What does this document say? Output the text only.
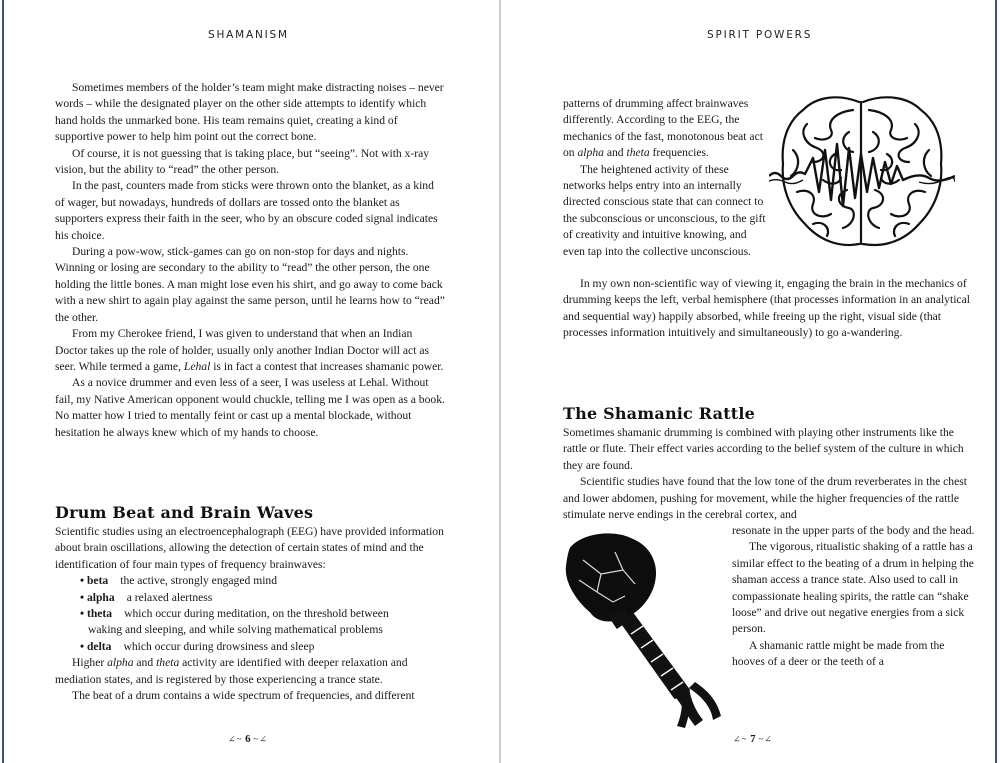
SHAMANISM

Sometimes members of the holder’s team might make distracting noises – never words – while the designated player on the other side attempts to identify which hand holds the unmarked bone. His team remains quiet, creating a kind of supportive power to help him point out the correct bone.

Of course, it is not guessing that is taking place, but “seeing”. Not with x-ray vision, but the ability to “read” the other person.

In the past, counters made from sticks were thrown onto the blanket, as a kind of wager, but nowadays, hundreds of dollars are tossed onto the blanket as supporters express their faith in the seer, who by an obscure coded signal indicates his choice.

During a pow-wow, stick-games can go on non-stop for days and nights. Winning or losing are secondary to the ability to “read” the other person, the one holding the little bones. A man might lose even his shirt, and go away to come back with a new shirt to again play against the same person, until he learns how to “read” the other.

From my Cherokee friend, I was given to understand that when an Indian Doctor takes up the role of holder, usually only another Indian Doctor will act as seer. While termed a game, Lehal is in fact a contest that increases shamanic power.

As a novice drummer and even less of a seer, I was useless at Lehal. Without fail, my Native American opponent would chuckle, telling me I was open as a book. No matter how I tried to mentally feint or cast up a mental blockade, without hesitation he always knew which of my hands to choose.

Drum Beat and Brain Waves

Scientific studies using an electroencephalograph (EEG) have provided information about brain oscillations, allowing the detection of certain states of mind and the identification of four main types of frequency brainwaves:

• beta the active, strongly engaged mind
• alpha a relaxed alertness
• theta which occur during meditation, on the threshold between
waking and sleeping, and while solving mathematical problems
• delta which occur during drowsiness and sleep

Higher alpha and theta activity are identified with deeper relaxation and mediation states, and is registered by those experiencing a trance state.

The beat of a drum contains a wide spectrum of frequencies, and different

∠~ 6 ~∠
SPIRIT POWERS

patterns of drumming affect brainwaves differently. According to the EEG, the mechanics of the fast, monotonous beat act on alpha and theta frequencies.

The heightened activity of these networks helps entry into an internally directed conscious state that can connect to the subconscious or unconscious, to the gift of creativity and intuitive knowing, and even tap into the collective unconscious.

In my own non-scientific way of viewing it, engaging the brain in the mechanics of drumming keeps the left, verbal hemisphere (that processes information in an analytical and sequential way) happily absorbed, while freeing up the right, visual side (that processes information intuitively and simultaneously) to go a-wandering.

The Shamanic Rattle

Sometimes shamanic drumming is combined with playing other instruments like the rattle or flute. Their effect varies according to the belief system of the culture in which they are found.

Scientific studies have found that the low tone of the drum reverberates in the chest and lower abdomen, pushing for movement, while the higher frequencies of the rattle stimulate nerve endings in the cerebral cortex, and

resonate in the upper parts of the body and the head.

The vigorous, ritualistic shaking of a rattle has a similar effect to the beating of a drum in helping the shaman access a trance state. Also used to call in compassionate healing spirits, the rattle can “shake loose” and drive out negative energies from a sick person.

A shamanic rattle might be made from the hooves of a deer or the teeth of a

∠~ 7 ~∠
